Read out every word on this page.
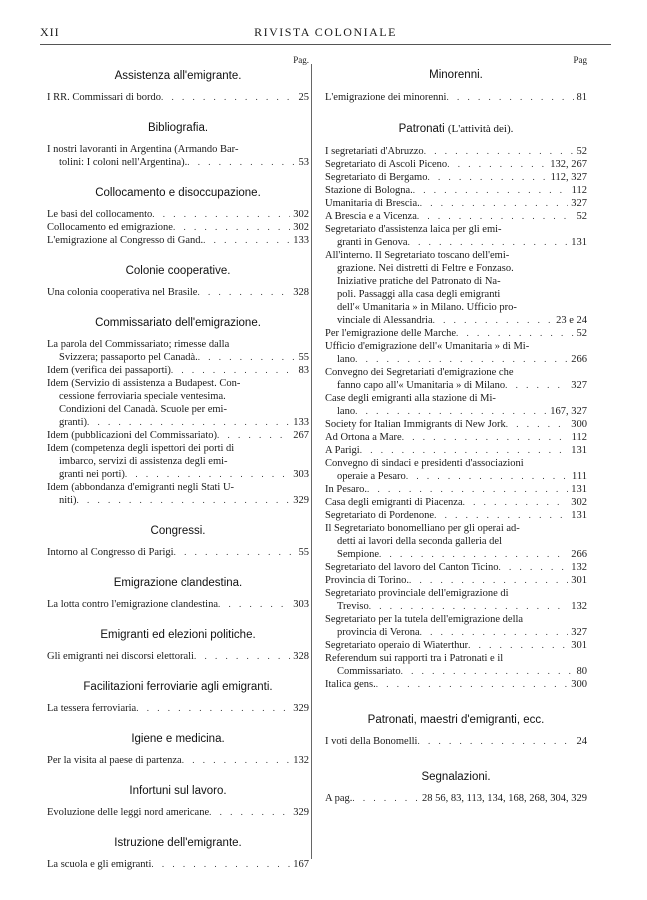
XII	RIVISTA COLONIALE
Pag.
Assistenza all'emigrante.
I RR. Commissari di bordo . . .	25
Bibliografia.
I nostri lavoranti in Argentina (Armando Bar-
tolini: I coloni nell'Argentina). . . .	53
Collocamento e disoccupazione.
Le basi del collocamento . . .	302
Collocamento ed emigrazione . . .	302
L'emigrazione al Congresso di Gand. . . .	133
Colonie cooperative.
Una colonia cooperativa nel Brasile . . .	328
Commissariato dell'emigrazione.
La parola del Commissariato; rimesse dalla
Svizzera; passaporto pel Canadà. . . .	55
Idem (verifica dei passaporti) . . .	83
Idem (Servizio di assistenza a Budapest. Con-
cessione ferroviaria speciale ventesima.
Condizioni del Canadà. Scuole per emi-
granti) . . .	133
Idem (pubblicazioni del Commissariato) . . .	267
Idem (competenza degli ispettori dei porti di
imbarco, servizi di assistenza degli emi-
granti nei porti) . . .	303
Idem (abbondanza d'emigranti negli Stati U-
niti) . . .	329
Congressi.
Intorno al Congresso di Parigi . . .	55
Emigrazione clandestina.
La lotta contro l'emigrazione clandestina . . .	303
Emigranti ed elezioni politiche.
Gli emigranti nei discorsi elettorali . . .	328
Facilitazioni ferroviarie agli emigranti.
La tessera ferroviaria . . .	329
Igiene e medicina.
Per la visita al paese di partenza . . .	132
Infortuni sul lavoro.
Evoluzione delle leggi nord americane . . .	329
Istruzione dell'emigrante.
La scuola e gli emigranti . . .	167
Pag
Minorenni.
L'emigrazione dei minorenni . . .	81
Patronati (L'attività dei).
I segretariati d'Abruzzo . . .	52
Segretariato di Ascoli Piceno . . .	132, 267
Segretariato di Bergamo . . .	112, 327
Stazione di Bologna. . . .	112
Umanitaria di Brescia. . . .	327
A Brescia e a Vicenza . . .	52
Segretariato d'assistenza laica per gli emi-
granti in Genova . . .	131
All'interno. Il Segretariato toscano dell'emi-
grazione. Nei distretti di Feltre e Fonzaso.
Iniziative pratiche del Patronato di Na-
poli. Passaggi alla casa degli emigranti
dell'« Umanitaria » in Milano. Ufficio pro-
vinciale di Alessandria . . .	23 e 24
Per l'emigrazione delle Marche . . .	52
Ufficio d'emigrazione dell'« Umanitaria » di Mi-
lano . . .	266
Convegno dei Segretariati d'emigrazione che
fanno capo all'« Umanitaria » di Milano . . .	327
Case degli emigranti alla stazione di Mi-
lano . . .	167, 327
Society for Italian Immigrants di New Jork . . .	300
Ad Ortona a Mare . . .	112
A Parigi . . .	131
Convegno di sindaci e presidenti d'associazioni
operaie a Pesaro . . .	111
In Pesaro. . . .	131
Casa degli emigranti di Piacenza . . .	302
Segretariato di Pordenone . . .	131
Il Segretariato bonomelliano per gli operai ad-
detti ai lavori della seconda galleria del
Sempione . . .	266
Segretariato del lavoro del Canton Ticino . . .	132
Provincia di Torino. . . .	301
Segretariato provinciale dell'emigrazione di
Treviso . . .	132
Segretariato per la tutela dell'emigrazione della
provincia di Verona . . .	327
Segretariato operaio di Wiaterthur . . .	301
Referendum sui rapporti tra i Patronati e il
Commissariato . . .	80
Italica gens. . . .	300
Patronati, maestri d'emigranti, ecc.
I voti della Bonomelli . . .	24
Segnalazioni.
A pag. . . .	28 56, 83, 113, 134, 168, 268, 304, 329
